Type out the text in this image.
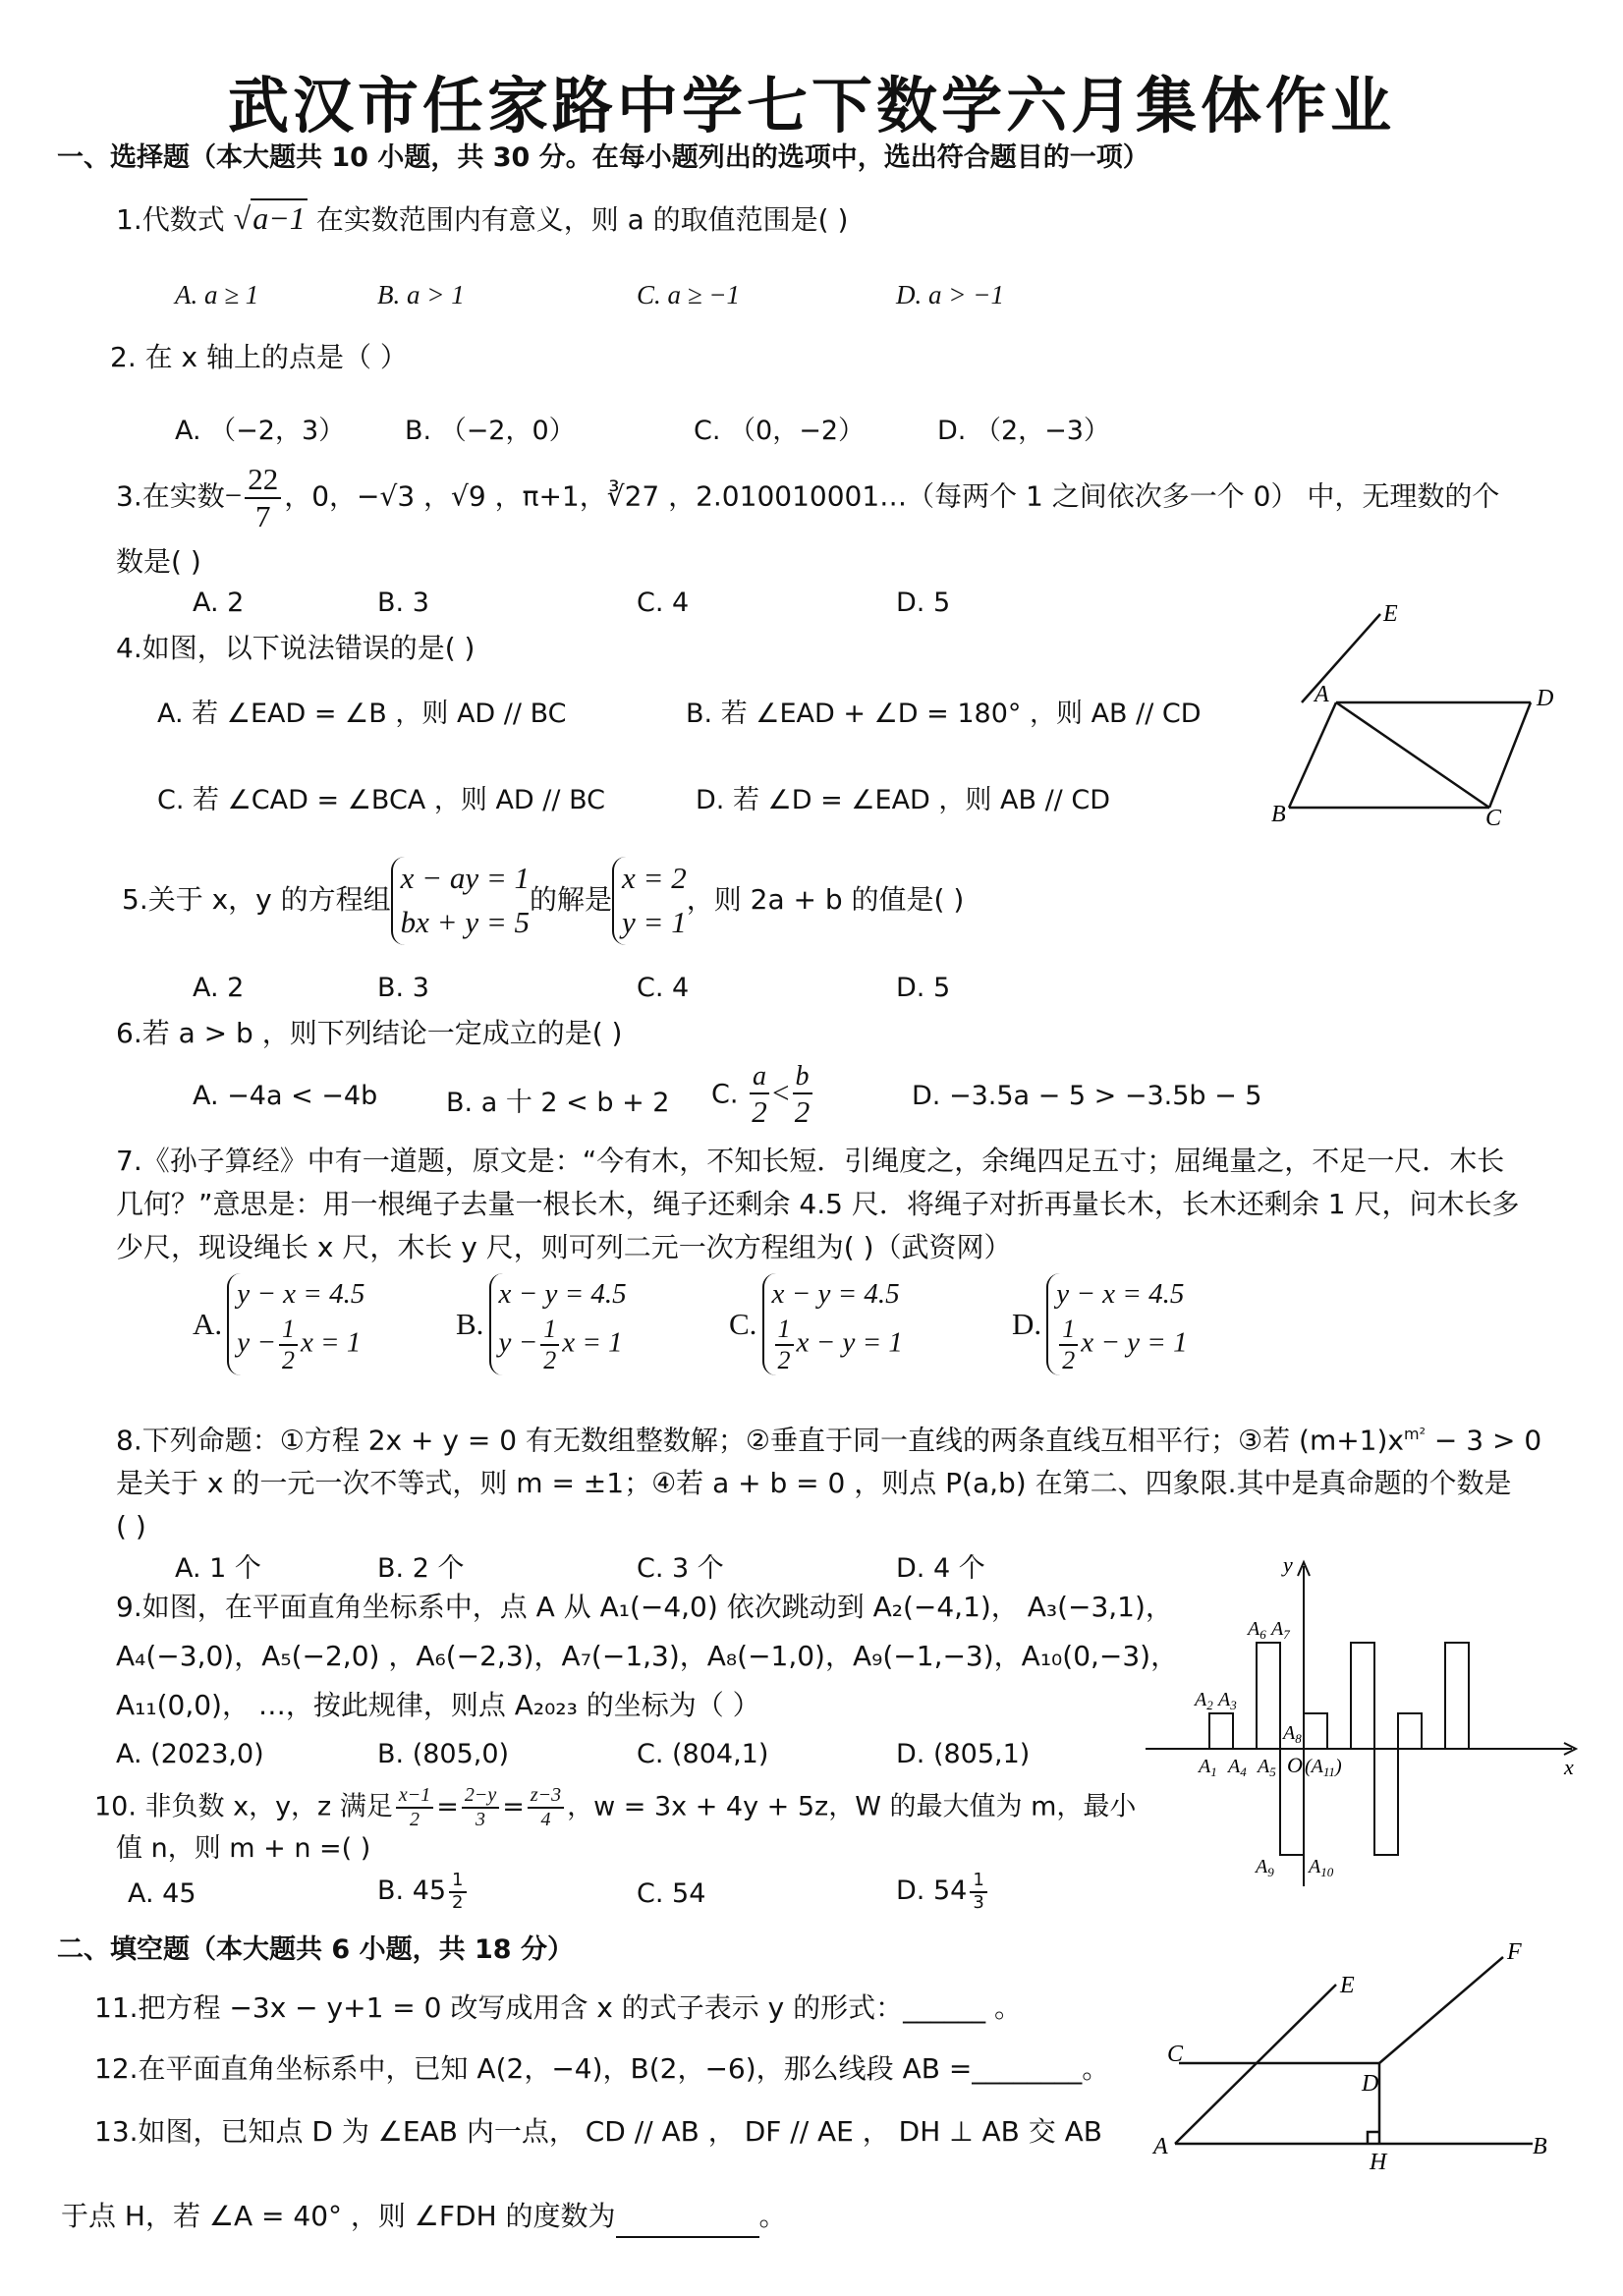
武汉市任家路中学七下数学六月集体作业
一、选择题（本大题共 10 小题，共 30 分。在每小题列出的选项中，选出符合题目的一项）
1.代数式 √a−1 在实数范围内有意义，则 a 的取值范围是( )
A. a ≥ 1	B. a > 1	C. a ≥ −1	D. a > −1
2. 在 x 轴上的点是（ ）
A. （−2，3） B. （−2，0）	C. （0，−2）	D. （2，−3）
3.在实数− $\frac{22}{7}$ ，0，−√3 ，√9 ，π+1，∛27 ，2.010010001…（每两个 1 之间依次多一个 0） 中，无理数的个
数是( )
A. 2	B. 3	C. 4	D. 5
4.如图，以下说法错误的是( )
A. 若 ∠EAD = ∠B ，则 AD // BC	B. 若 ∠EAD + ∠D = 180° ，则 AB // CD
C. 若 ∠CAD = ∠BCA ，则 AD // BC	D. 若 ∠D = ∠EAD ，则 AB // CD
E
A	D
B	C
5.关于 x，y 的方程组
x − ay = 1
bx + y = 5
的解是
x = 2
y = 1
，则 2a + b 的值是( )
A. 2	B. 3	C. 4	D. 5
6.若 a > b ，则下列结论一定成立的是( )
A. −4a < −4b	B. a 十 2 < b + 2 C. $\frac{a}{2} < \frac{b}{2}$	D. −3.5a − 5 > −3.5b − 5
7.《孙子算经》中有一道题，原文是：“今有木，不知长短．引绳度之，余绳四足五寸；屈绳量之，不足一尺．木长
几何？”意思是：用一根绳子去量一根长木，绳子还剩余 4.5 尺．将绳子对折再量长木，长木还剩余 1 尺，问木长多
少尺，现设绳长 x 尺，木长 y 尺，则可列二元一次方程组为( )（武资网）
A.
y − x = 4.5
$y - \frac{1}{2}$ x = 1
B.
x − y = 4.5
$y - \frac{1}{2}$ x = 1
C.
x − y = 4.5
$\frac{1}{2}$ x − y = 1
D.
y − x = 4.5
$\frac{1}{2}$ x − y = 1
8.下列命题：①方程 2x + y = 0 有无数组整数解；②垂直于同一直线的两条直线互相平行；③若 $(m+1)x^{m^2} - 3 > 0$
是关于 x 的一元一次不等式，则 m = ±1；④若 a + b = 0 ，则点 P(a,b) 在第二、四象限.其中是真命题的个数是
( )
A. 1 个	B. 2 个	C. 3 个	D. 4 个
9.如图，在平面直角坐标系中，点 A 从 A₁(−4,0) 依次跳动到 A₂(−4,1)， A₃(−3,1)，
A₄(−3,0)，A₅(−2,0) ，A₆(−2,3)，A₇(−1,3)，A₈(−1,0)，A₉(−1,−3)，A₁₀(0,−3)，
A₁₁(0,0)， …，按此规律，则点 A₂₀₂₃ 的坐标为（ ）
A. (2023,0)	B. (805,0)	C. (804,1)	D. (805,1)
y
x
O
$A_1$ $A_4$ $A_5$
$A_2$ $A_3$
$A_6$ $A_7$
$A_8$
$A_9$ $A_{10}$
$(A_{11})$
10. 非负数 x，y，z 满足 $\frac{x-1}{2} = \frac{2-y}{3} = \frac{z-3}{4}$ ，w = 3x + 4y + 5z，W 的最大值为 m，最小
值 n，则 m + n =( )
A. 45	B. $45 \frac{1}{2}$	C. 54	D. $54 \frac{1}{3}$
二、填空题（本大题共 6 小题，共 18 分）
11.把方程 −3x − y+1 = 0 改写成用含 x 的式子表示 y 的形式：______ 。
12.在平面直角坐标系中，已知 A(2，−4)，B(2，−6)，那么线段 AB =________。
13.如图，已知点 D 为 ∠EAB 内一点， CD // AB ， DF // AE ， DH ⊥ AB 交 AB
于点 H，若 ∠A = 40° ，则 ∠FDH 的度数为	。
E
F
C
D
A
H
B
